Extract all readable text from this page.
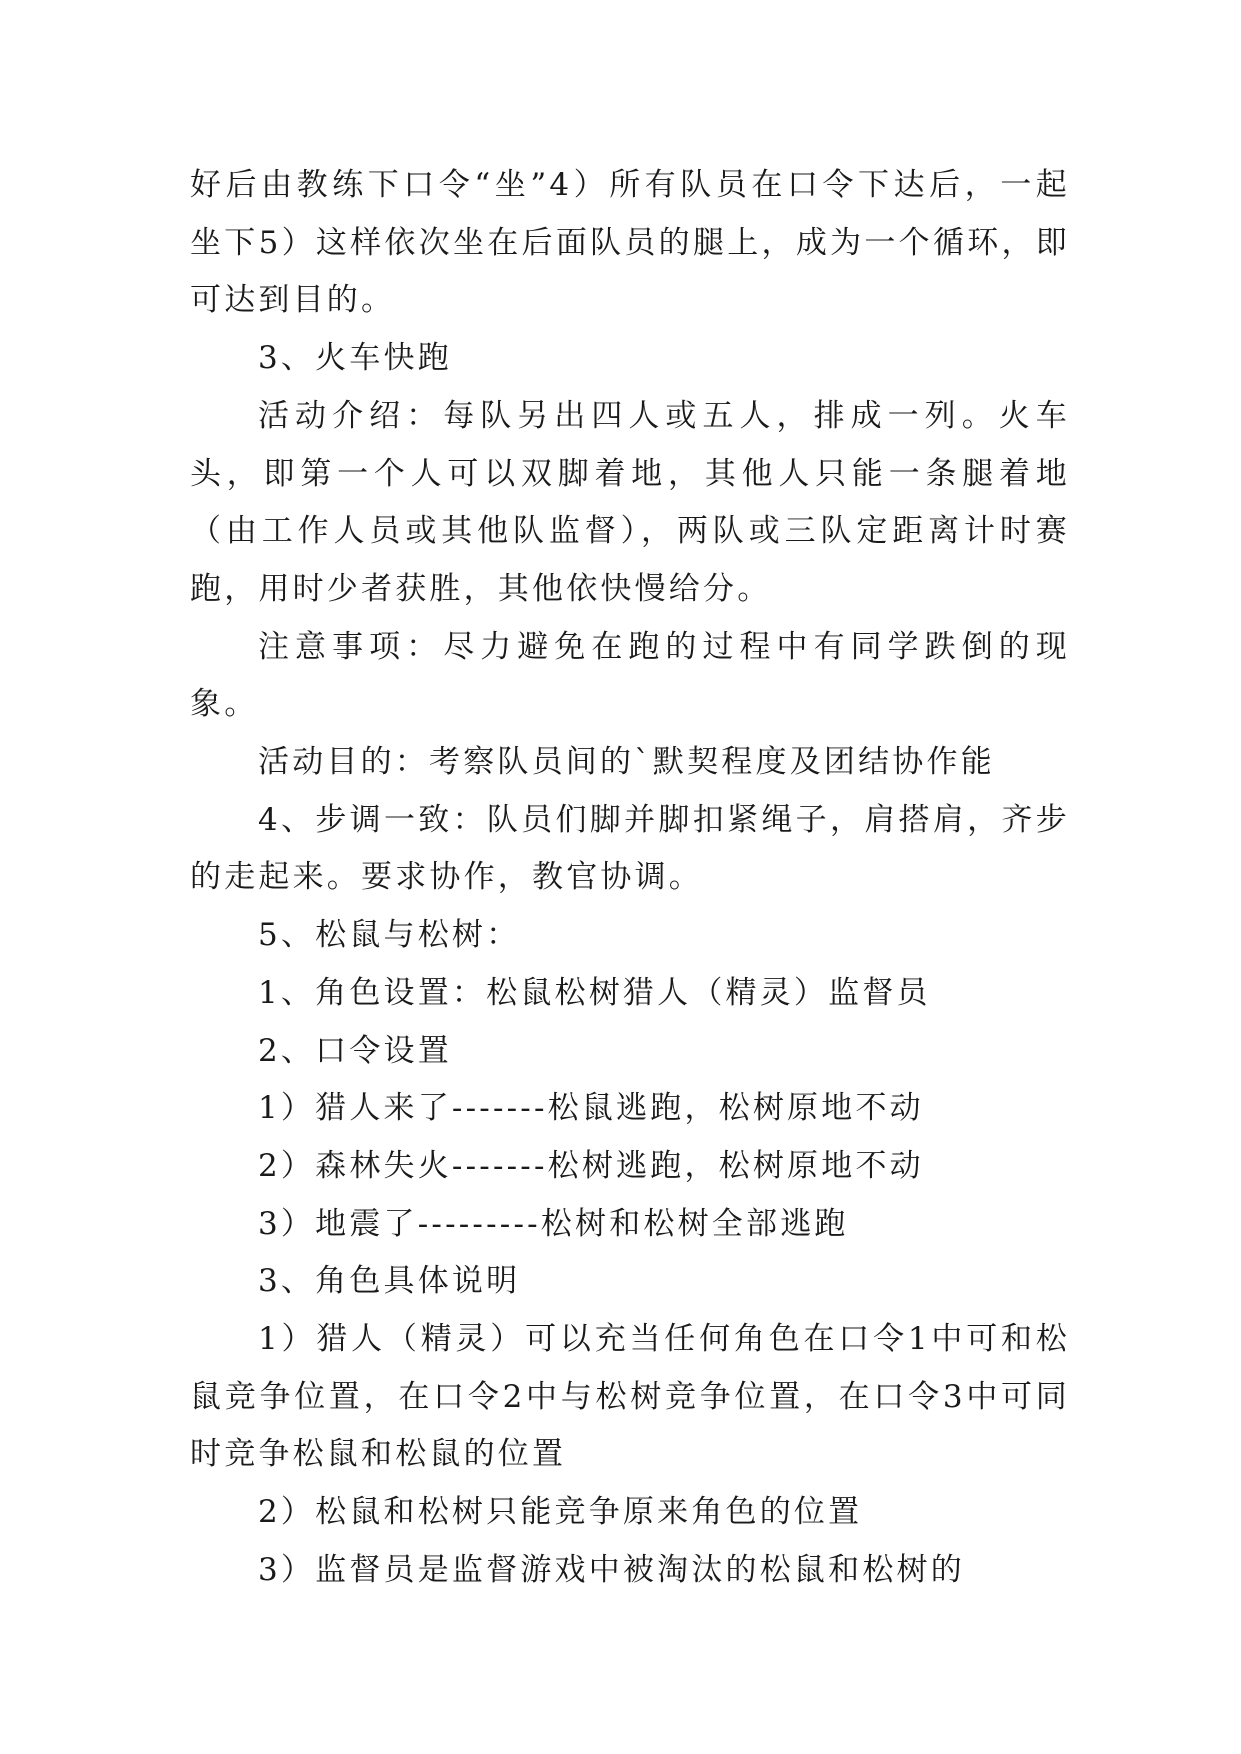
好后由教练下口令“坐”4）所有队员在口令下达后，一起坐下5）这样依次坐在后面队员的腿上，成为一个循环，即可达到目的。

3、火车快跑

活动介绍：每队另出四人或五人，排成一列。火车头，即第一个人可以双脚着地，其他人只能一条腿着地（由工作人员或其他队监督），两队或三队定距离计时赛跑，用时少者获胜，其他依快慢给分。

注意事项：尽力避免在跑的过程中有同学跌倒的现象。

活动目的：考察队员间的`默契程度及团结协作能

4、步调一致：队员们脚并脚扣紧绳子，肩搭肩，齐步的走起来。要求协作，教官协调。

5、松鼠与松树：

1、角色设置：松鼠松树猎人（精灵）监督员

2、口令设置

1）猎人来了-------松鼠逃跑，松树原地不动

2）森林失火-------松树逃跑，松树原地不动

3）地震了---------松树和松树全部逃跑

3、角色具体说明

1）猎人（精灵）可以充当任何角色在口令1中可和松鼠竞争位置，在口令2中与松树竞争位置，在口令3中可同时竞争松鼠和松鼠的位置

2）松鼠和松树只能竞争原来角色的位置

3）监督员是监督游戏中被淘汰的松鼠和松树的
